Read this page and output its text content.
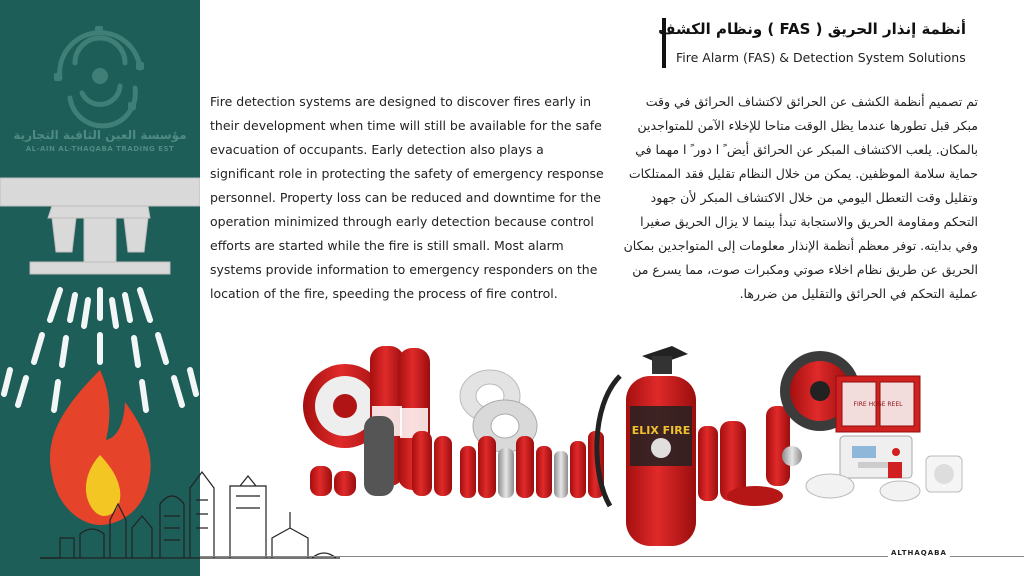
مؤسسة العين الثاقبة التجارية
AL-AIN AL-THAQABA TRADING EST
أنظمة إنذار الحريق ( FAS ) ونظام الكشف
Fire Alarm (FAS) & Detection System Solutions

Fire detection systems are designed to discover fires early in their development when time will still be available for the safe evacuation of occupants. Early detection also plays a significant role in protecting the safety of emergency response personnel. Property loss can be reduced and downtime for the operation minimized through early detection because control efforts are started while the fire is still small. Most alarm systems provide information to emergency responders on the location of the fire, speeding the process of fire control.

تم تصميم أنظمة الكشف عن الحرائق لاكتشاف الحرائق في وقت مبكر قبل تطورها عندما يظل الوقت متاحا للإخلاء الآمن للمتواجدين بالمكان. يلعب الاكتشاف المبكر عن الحرائق أيض ً ا دور ً ا مهما في حماية سلامة الموظفين. يمكن من خلال النظام تقليل فقد الممتلكات وتقليل وقت التعطل اليومي من خلال الاكتشاف المبكر لأن جهود التحكم ومقاومة الحريق والاستجابة تبدأ بينما لا يزال الحريق صغيرا وفي بدايته. توفر معظم أنظمة الإنذار معلومات إلى المتواجدين بمكان الحريق عن طريق نظام اخلاء صوتي ومكبرات صوت، مما يسرع من عملية التحكم في الحرائق والتقليل من ضررها.

ELIX FIRE
FIRE HOSE REEL
ALTHAQABA
